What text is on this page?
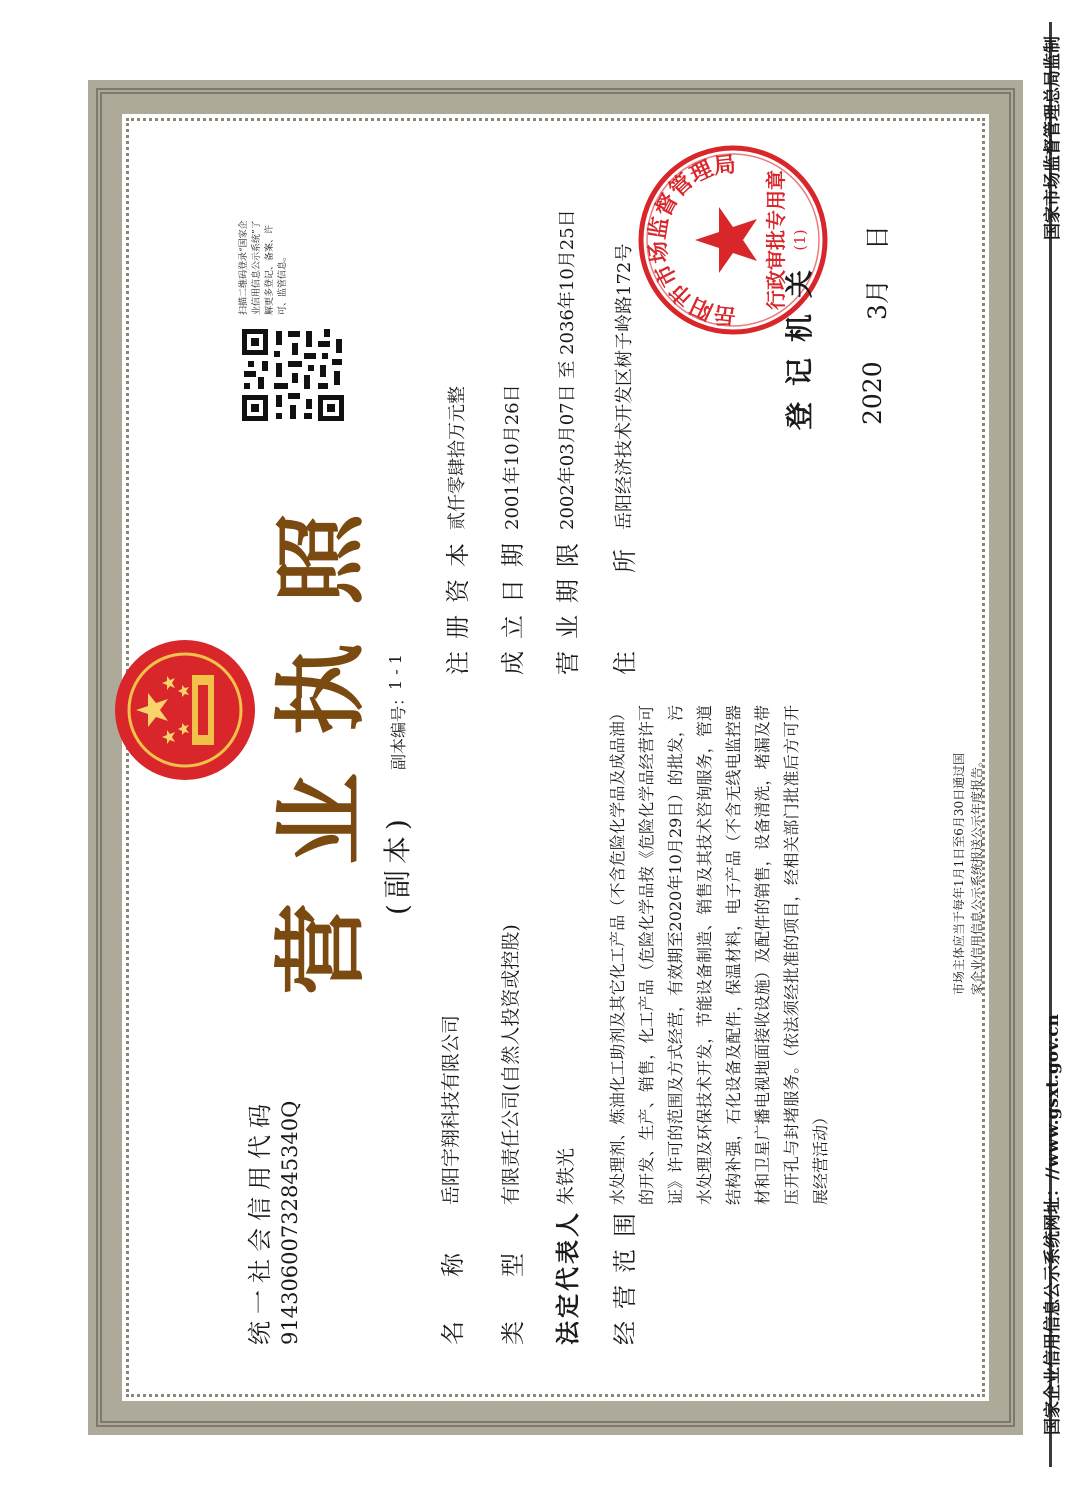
统一社会信用代码 91430600732845340Q
营业执照 (副本)
副本编号：
1 - 1
扫描二维码登录“国家企业信用信息公示系统”了解更多登记、备案、许可、监管信息。
名称
岳阳宇翔科技有限公司
类型
有限责任公司(自然人投资或控股)
法定代表人
朱铁光
经营范围
水处理剂、炼油化工助剂及其它化工产品（不含危险化学品及成品油）的开发、生产、销售，化工产品（危险化学品按《危险化学品经营许可证》许可的范围及方式经营，有效期至2020年10月29日）的批发，污水处理及环保技术开发，节能设备制造、销售及其技术咨询服务，管道结构补强，石化设备及配件，保温材料，电子产品（不含无线电监控器材和卫星广播电视地面接收设施）及配件的销售，设备清洗，堵漏及带压开孔与封堵服务。（依法须经批准的项目，经相关部门批准后方可开展经营活动）
注册资本
贰仟零肆拾万元整
成立日期
2001年10月26日
营业期限
2002年03月07日 至 2036年10月25日
住所
岳阳经济技术开发区树子岭路172号	岳阳市市场监督管理局
行政审批专用章 (1)
登记机关 2020
3月
日
市场主体应当于每年1月1日至6月30日通过国 家企业信用信息公示系统报送公示年度报告。
国家企业信用信息公示系统网址：//www.gsxt.gov.cn
国家市场监督管理总局监制
